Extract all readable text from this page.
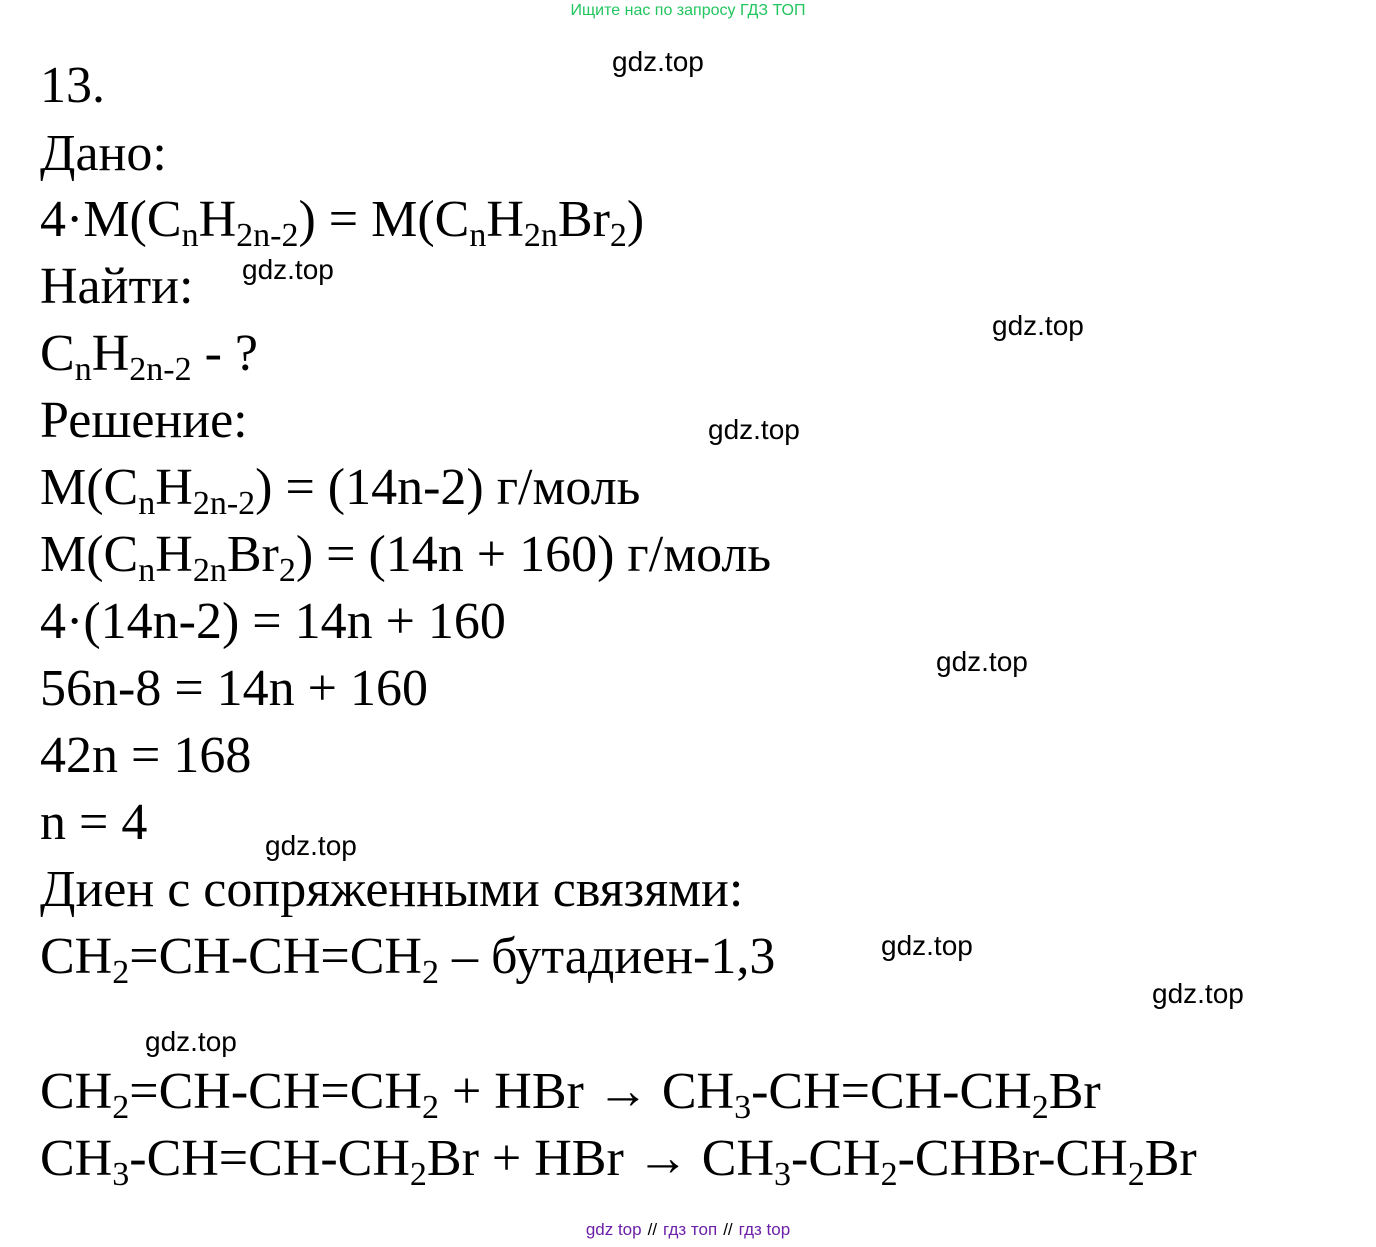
Ищите нас по запросу ГДЗ ТОП
13.
Дано:
$4\cdot M(C_nH_{2n-2}) = M(C_nH_{2n}Br_2)$
Найти:
$C_nH_{2n-2}$ - ?
Решение:
$M(C_nH_{2n-2}) = (14n-2)$ г/моль
$M(C_nH_{2n}Br_2) = (14n + 160)$ г/моль
4·(14n-2) = 14n + 160
56n-8 = 14n + 160
42n = 168
n = 4
Диен с сопряженными связями:
$CH_2=CH-CH=CH_2$ – бутадиен-1,3
$CH_2=CH-CH=CH_2$ + HBr → $CH_3-CH=CH-CH_2Br$
$CH_3-CH=CH-CH_2Br$ + HBr → $CH_3-CH_2-CHBr-CH_2Br$
gdz.top
gdz.top
gdz.top
gdz.top
gdz.top
gdz.top
gdz.top
gdz.top
gdz.top
gdz top // гдз топ // гдз top
